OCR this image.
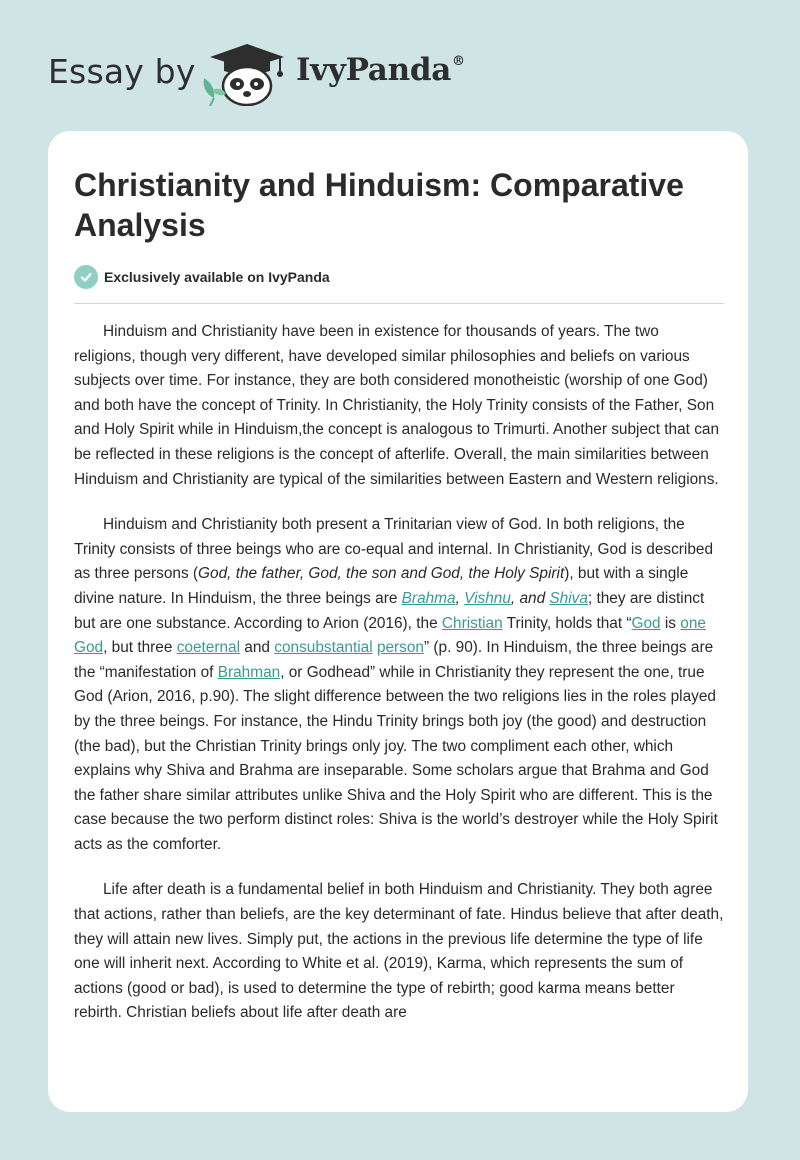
Essay by	IvyPanda®
Christianity and Hinduism: Comparative Analysis
Exclusively available on IvyPanda

Hinduism and Christianity have been in existence for thousands of years. The two religions, though very different, have developed similar philosophies and beliefs on various subjects over time. For instance, they are both considered monotheistic (worship of one God) and both have the concept of Trinity. In Christianity, the Holy Trinity consists of the Father, Son and Holy Spirit while in Hinduism,the concept is analogous to Trimurti. Another subject that can be reflected in these religions is the concept of afterlife. Overall, the main similarities between Hinduism and Christianity are typical of the similarities between Eastern and Western religions.

Hinduism and Christianity both present a Trinitarian view of God. In both religions, the Trinity consists of three beings who are co-equal and internal. In Christianity, God is described as three persons (God, the father, God, the son and God, the Holy Spirit), but with a single divine nature. In Hinduism, the three beings are Brahma, Vishnu, and Shiva; they are distinct but are one substance. According to Arion (2016), the Christian Trinity, holds that “God is one God, but three coeternal and consubstantial person” (p. 90). In Hinduism, the three beings are the “manifestation of Brahman, or Godhead” while in Christianity they represent the one, true God (Arion, 2016, p.90). The slight difference between the two religions lies in the roles played by the three beings. For instance, the Hindu Trinity brings both joy (the good) and destruction (the bad), but the Christian Trinity brings only joy. The two compliment each other, which explains why Shiva and Brahma are inseparable. Some scholars argue that Brahma and God the father share similar attributes unlike Shiva and the Holy Spirit who are different. This is the case because the two perform distinct roles: Shiva is the world’s destroyer while the Holy Spirit acts as the comforter.

Life after death is a fundamental belief in both Hinduism and Christianity. They both agree that actions, rather than beliefs, are the key determinant of fate. Hindus believe that after death, they will attain new lives. Simply put, the actions in the previous life determine the type of life one will inherit next. According to White et al. (2019), Karma, which represents the sum of actions (good or bad), is used to determine the type of rebirth; good karma means better rebirth. Christian beliefs about life after death are
